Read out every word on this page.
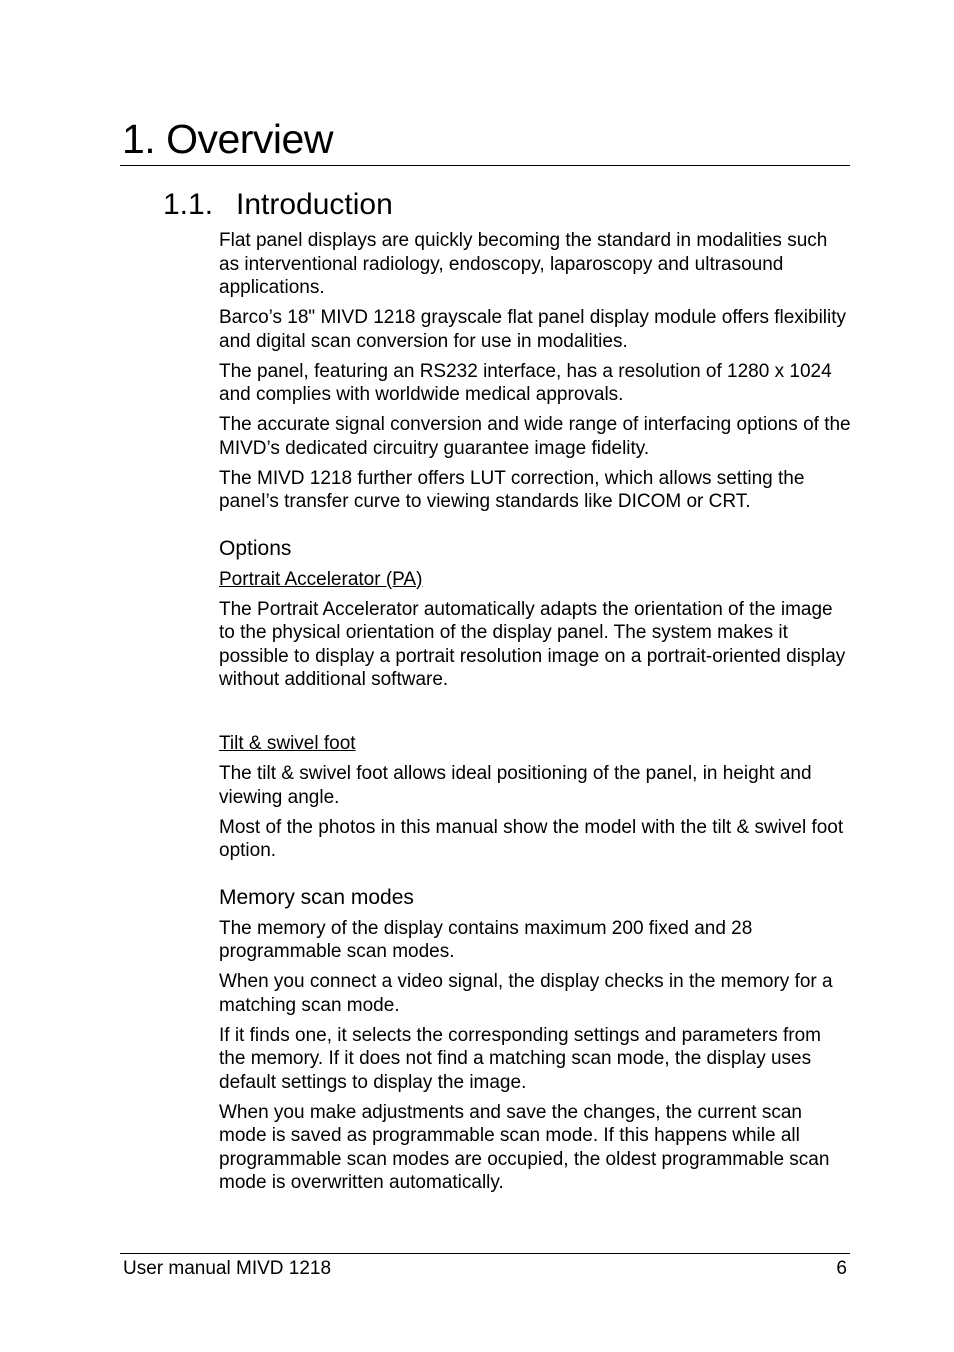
1. Overview
1.1. Introduction

Flat panel displays are quickly becoming the standard in modalities such as interventional radiology, endoscopy, laparoscopy and ultrasound applications.

Barco’s 18" MIVD 1218 grayscale flat panel display module offers flexibility and digital scan conversion for use in modalities.

The panel, featuring an RS232 interface, has a resolution of 1280 x 1024 and complies with worldwide medical approvals.

The accurate signal conversion and wide range of interfacing options of the MIVD’s dedicated circuitry guarantee image fidelity.

The MIVD 1218 further offers LUT correction, which allows setting the panel’s transfer curve to viewing standards like DICOM or CRT.

Options

Portrait Accelerator (PA)

The Portrait Accelerator automatically adapts the orientation of the image to the physical orientation of the display panel. The system makes it possible to display a portrait resolution image on a portrait-oriented display without additional software.

Tilt & swivel foot

The tilt & swivel foot allows ideal positioning of the panel, in height and viewing angle.

Most of the photos in this manual show the model with the tilt & swivel foot option.

Memory scan modes

The memory of the display contains maximum 200 fixed and 28 programmable scan modes.

When you connect a video signal, the display checks in the memory for a matching scan mode.

If it finds one, it selects the corresponding settings and parameters from the memory. If it does not find a matching scan mode, the display uses default settings to display the image.

When you make adjustments and save the changes, the current scan mode is saved as programmable scan mode. If this happens while all programmable scan modes are occupied, the oldest programmable scan mode is overwritten automatically.

User manual MIVD 1218	6
